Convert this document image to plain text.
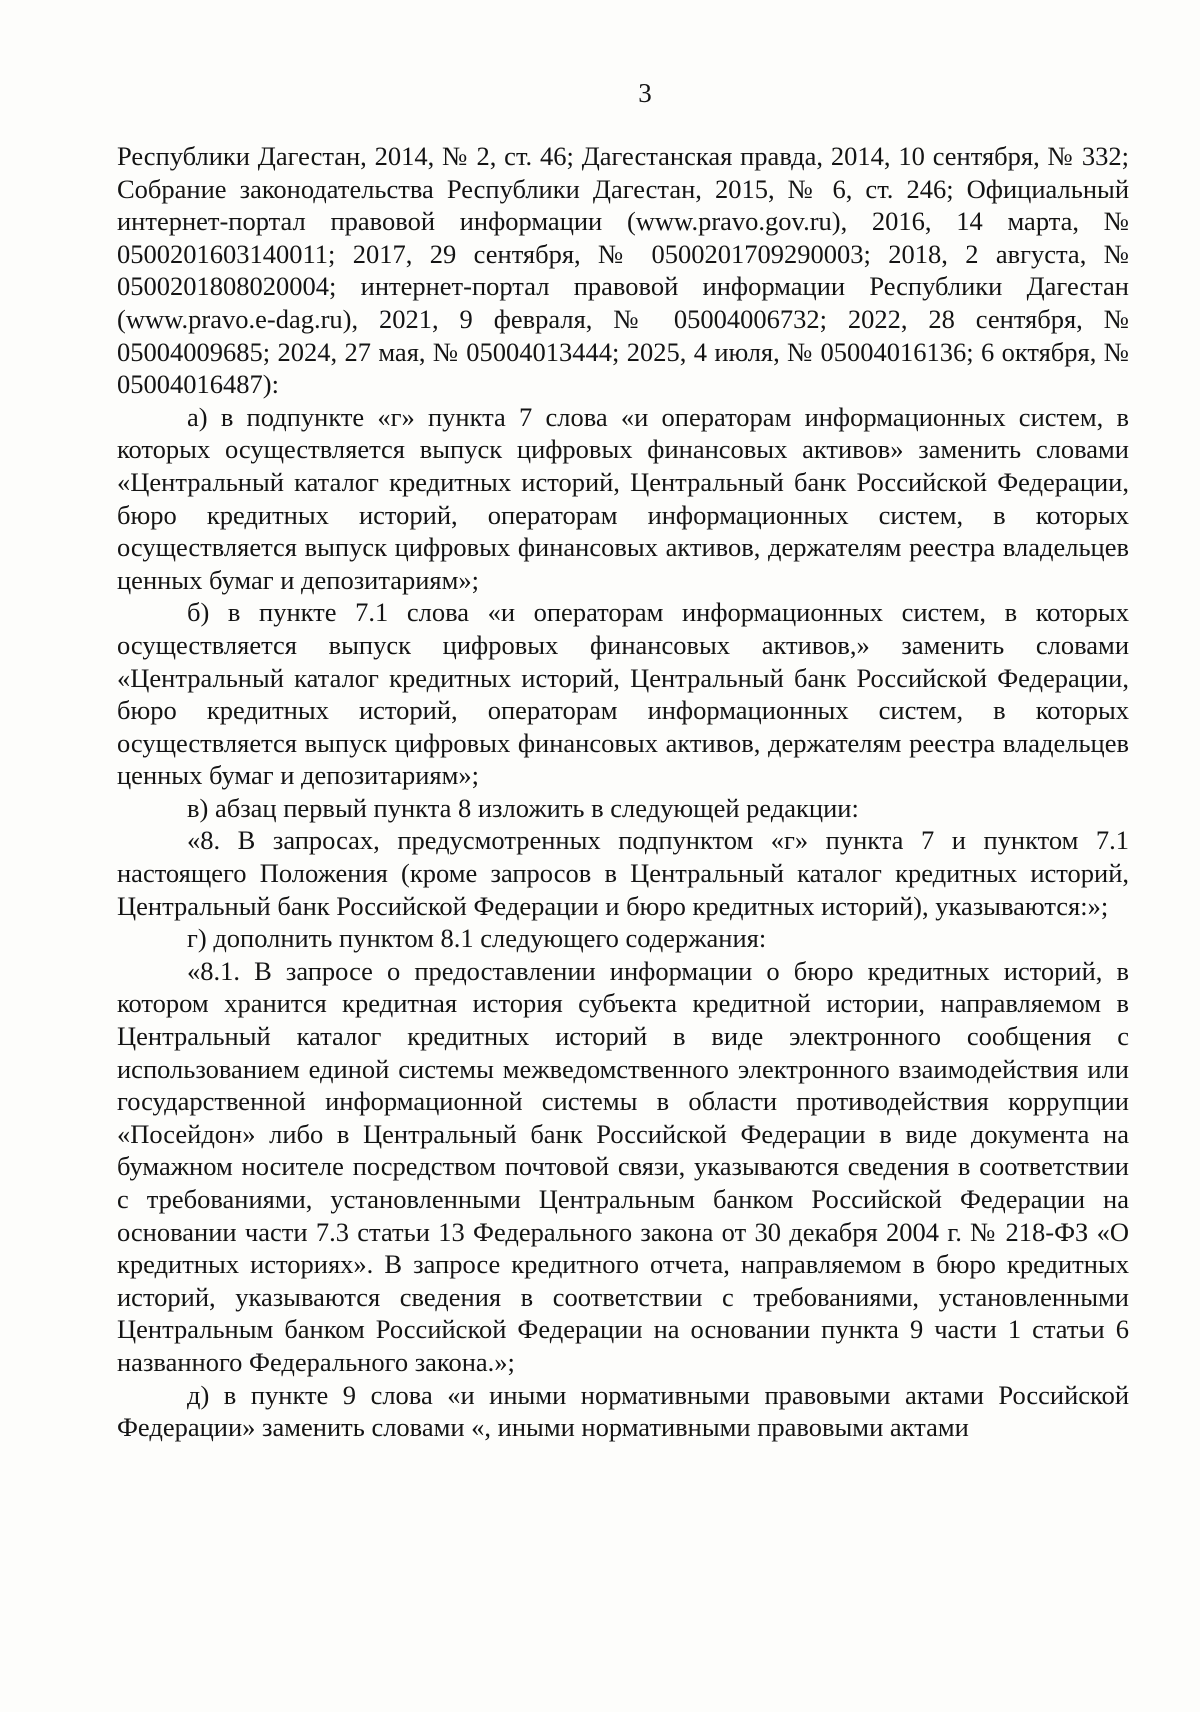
3

Республики Дагестан, 2014, № 2, ст. 46; Дагестанская правда, 2014, 10 сентября, № 332; Собрание законодательства Республики Дагестан, 2015, № 6, ст. 246; Официальный интернет-портал правовой информации (www.pravo.gov.ru), 2016, 14 марта, № 0500201603140011; 2017, 29 сентября, № 0500201709290003; 2018, 2 августа, № 0500201808020004; интернет-портал правовой информации Республики Дагестан (www.pravo.e-dag.ru), 2021, 9 февраля, № 05004006732; 2022, 28 сентября, № 05004009685; 2024, 27 мая, № 05004013444; 2025, 4 июля, № 05004016136; 6 октября, № 05004016487):

а) в подпункте «г» пункта 7 слова «и операторам информационных систем, в которых осуществляется выпуск цифровых финансовых активов» заменить словами «Центральный каталог кредитных историй, Центральный банк Российской Федерации, бюро кредитных историй, операторам информационных систем, в которых осуществляется выпуск цифровых финансовых активов, держателям реестра владельцев ценных бумаг и депозитариям»;

б) в пункте 7.1 слова «и операторам информационных систем, в которых осуществляется выпуск цифровых финансовых активов,» заменить словами «Центральный каталог кредитных историй, Центральный банк Российской Федерации, бюро кредитных историй, операторам информационных систем, в которых осуществляется выпуск цифровых финансовых активов, держателям реестра владельцев ценных бумаг и депозитариям»;

в) абзац первый пункта 8 изложить в следующей редакции:

«8. В запросах, предусмотренных подпунктом «г» пункта 7 и пунктом 7.1 настоящего Положения (кроме запросов в Центральный каталог кредитных историй, Центральный банк Российской Федерации и бюро кредитных историй), указываются:»;

г) дополнить пунктом 8.1 следующего содержания:

«8.1. В запросе о предоставлении информации о бюро кредитных историй, в котором хранится кредитная история субъекта кредитной истории, направляемом в Центральный каталог кредитных историй в виде электронного сообщения с использованием единой системы межведомственного электронного взаимодействия или государственной информационной системы в области противодействия коррупции «Посейдон» либо в Центральный банк Российской Федерации в виде документа на бумажном носителе посредством почтовой связи, указываются сведения в соответствии с требованиями, установленными Центральным банком Российской Федерации на основании части 7.3 статьи 13 Федерального закона от 30 декабря 2004 г. № 218-ФЗ «О кредитных историях». В запросе кредитного отчета, направляемом в бюро кредитных историй, указываются сведения в соответствии с требованиями, установленными Центральным банком Российской Федерации на основании пункта 9 части 1 статьи 6 названного Федерального закона.»;

д) в пункте 9 слова «и иными нормативными правовыми актами Российской Федерации» заменить словами «, иными нормативными правовыми актами
